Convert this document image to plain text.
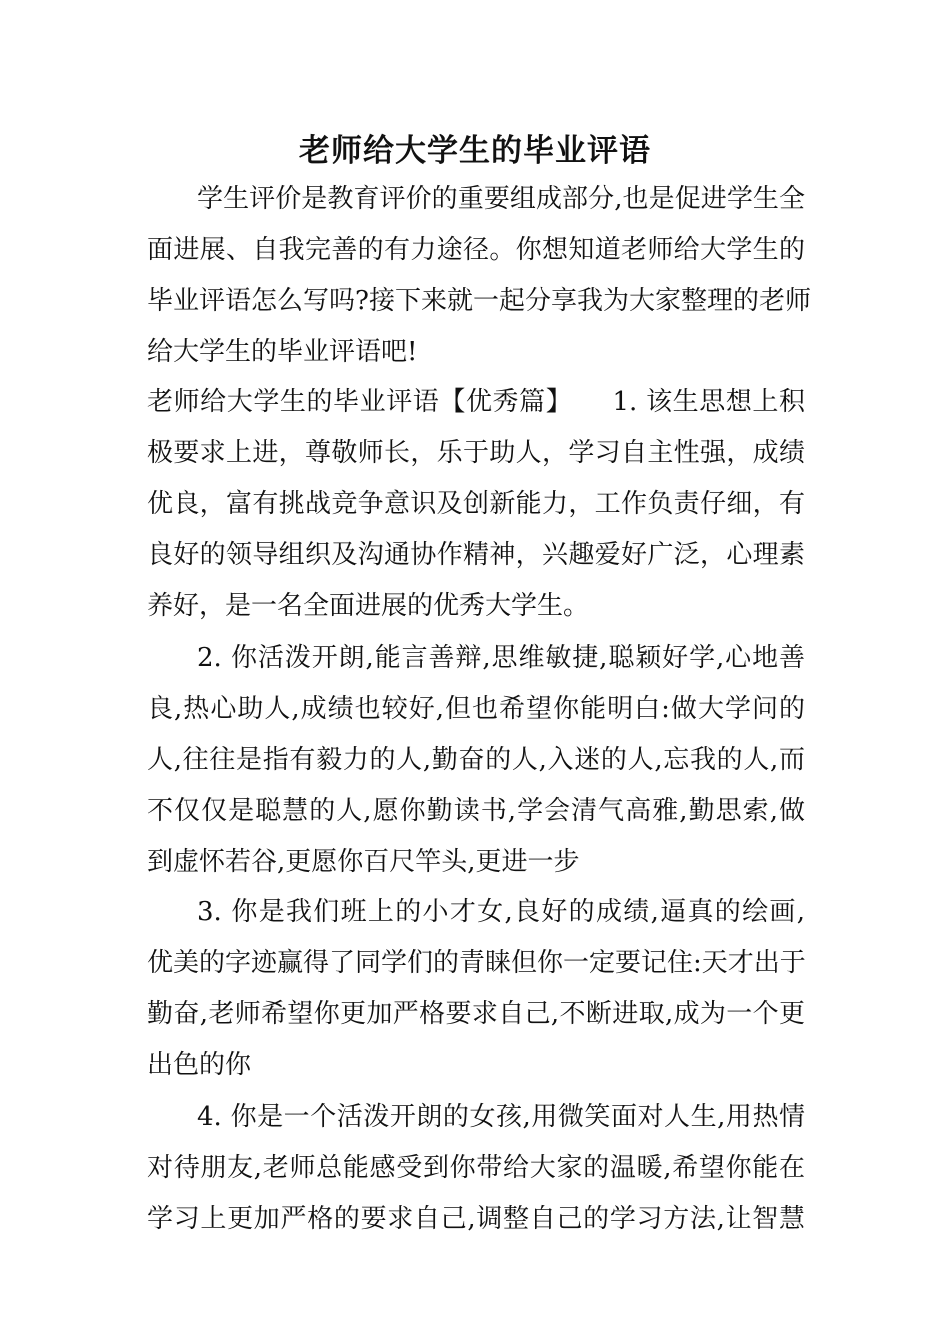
老师给大学生的毕业评语
学生评价是教育评价的重要组成部分,也是促进学生全
面进展、自我完善的有力途径。你想知道老师给大学生的
毕业评语怎么写吗?接下来就一起分享我为大家整理的老师
给大学生的毕业评语吧!
老师给大学生的毕业评语【优秀篇】　　1. 该生思想上积
极要求上进，尊敬师长，乐于助人，学习自主性强，成绩
优良，富有挑战竞争意识及创新能力，工作负责仔细，有
良好的领导组织及沟通协作精神，兴趣爱好广泛，心理素
养好，是一名全面进展的优秀大学生。
2. 你活泼开朗,能言善辩,思维敏捷,聪颖好学,心地善
良,热心助人,成绩也较好,但也希望你能明白:做大学问的
人,往往是指有毅力的人,勤奋的人,入迷的人,忘我的人,而
不仅仅是聪慧的人,愿你勤读书,学会清气高雅,勤思索,做
到虚怀若谷,更愿你百尺竿头,更进一步
3. 你是我们班上的小才女,良好的成绩,逼真的绘画,
优美的字迹赢得了同学们的青睐但你一定要记住:天才出于
勤奋,老师希望你更加严格要求自己,不断进取,成为一个更
出色的你
4. 你是一个活泼开朗的女孩,用微笑面对人生,用热情
对待朋友,老师总能感受到你带给大家的温暖,希望你能在
学习上更加严格的要求自己,调整自己的学习方法,让智慧
